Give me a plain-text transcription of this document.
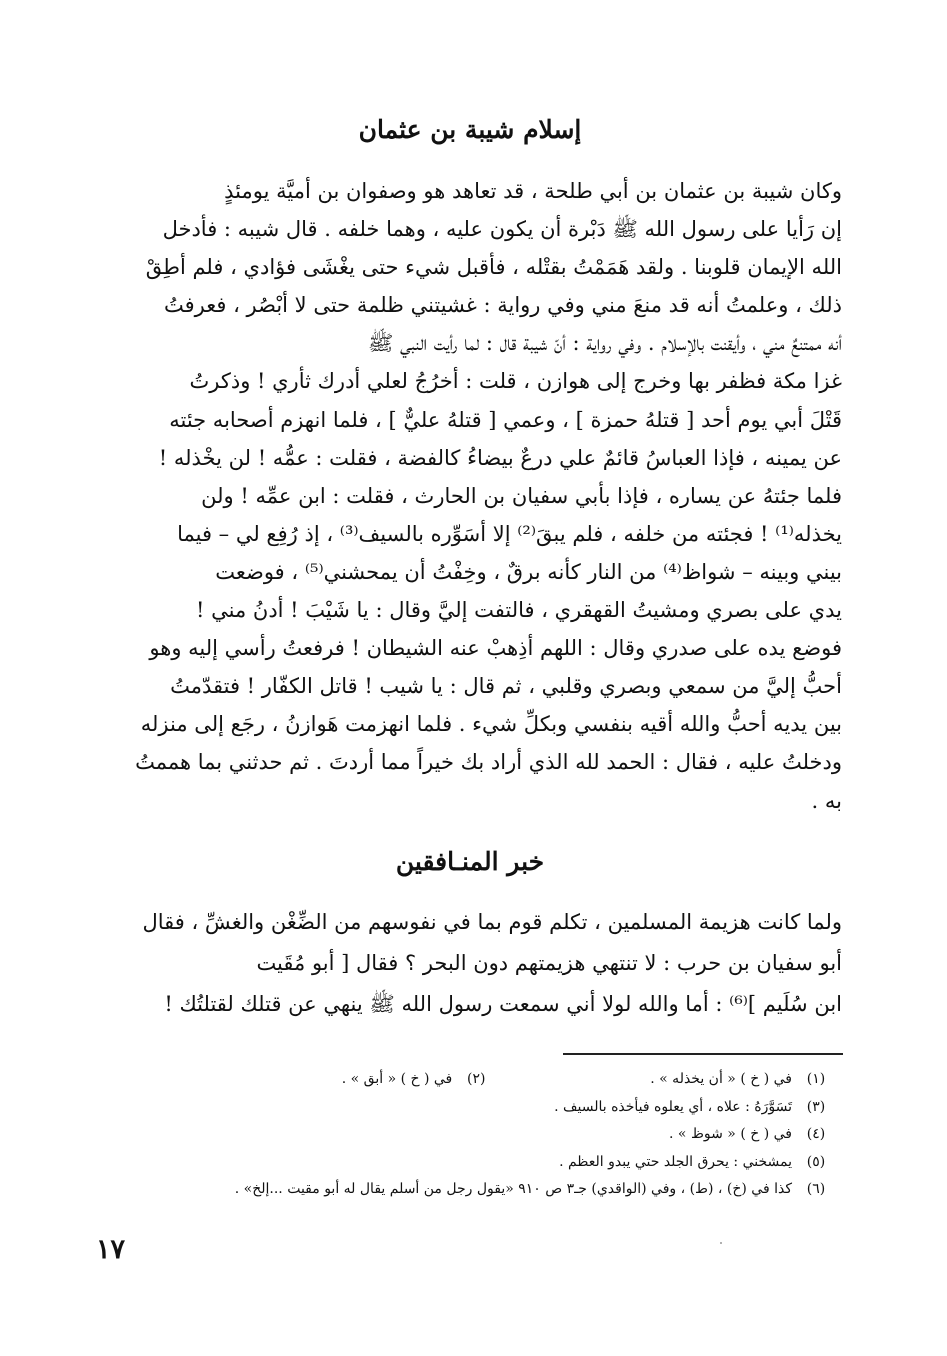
إسلام شيبة بن عثمان
وكان شيبة بن عثمان بن أبي طلحة ، قد تعاهد هو وصفوان بن أميَّة يومئذٍ
إن رَأيا على رسول الله ﷺ دَبْرة أن يكون عليه ، وهما خلفه . قال شيبه : فأدخل
الله الإيمان قلوبنا . ولقد هَمَمْتُ بقتْله ، فأقبل شيء حتى يغْشَى فؤادي ، فلم أطِقْ
ذلك ، وعلمتُ أنه قد منعَ مني وفي رواية : غشيتني ظلمة حتى لا أبْصُر ، فعرفتُ
أنه ممتنعٌ مني ، وأيقنت بالإسلام . وفي رواية : أنّ شيبة قال : لما رأيت النبي ﷺ
غزا مكة فظفر بها وخرج إلى هوازن ، قلت : أخرُجُ لعلي أدرك ثأري ! وذكرتُ
قَتْلَ أبي يوم أحد [ قتلهُ حمزة ] ، وعمي [ قتلهُ عليٌّ ] ، فلما انهزم أصحابه جئته
عن يمينه ، فإذا العباسُ قائمٌ علي درعٌ بيضاءُ كالفضة ، فقلت : عمُّه ! لن يخْذله !
فلما جئتهُ عن يساره ، فإذا بأبي سفيان بن الحارث ، فقلت : ابن عمِّه ! ولن
يخذله⁽¹⁾ ! فجئته من خلفه ، فلم يبقَ⁽²⁾ إلا أسَوِّره بالسيف⁽³⁾ ، إذ رُفِع لي – فيما
بيني وبينه – شواظ⁽⁴⁾ من النار كأنه برقٌ ، وخِفْتُ أن يمحشني⁽⁵⁾ ، فوضعت
يدي على بصري ومشيتُ القهقري ، فالتفت إليَّ وقال : يا شَيْبَ ! أدنُ مني !
فوضع يده على صدري وقال : اللهم أذِهبْ عنه الشيطان ! فرفعتُ رأسي إليه وهو
أحبُّ إليَّ من سمعي وبصري وقلبي ، ثم قال : يا شيب ! قاتل الكفّار ! فتقدّمتُ
بين يديه أحبُّ والله أقيه بنفسي وبكلِّ شيء . فلما انهزمت هَوازنُ ، رجَع إلى منزله
ودخلتُ عليه ، فقال : الحمد لله الذي أراد بك خيراً مما أردتَ . ثم حدثني بما هممتُ
به .
خبر المنـافقين
ولما كانت هزيمة المسلمين ، تكلم قوم بما في نفوسهم من الضِّغْن والغشِّ ، فقال
أبو سفيان بن حرب : لا تنتهي هزيمتهم دون البحر ؟ فقال [ أبو مُقَيت
ابن سُلَيم ]⁽⁶⁾ : أما والله لولا أني سمعت رسول الله ﷺ ينهي عن قتلك لقتلتُك !
(١)
في ( خ ) « أن يخذله » .
(٢)
في ( خ ) « أبق » .
(٣)
تَسَوَّرَهُ : علاه ، أي يعلوه فيأخذه بالسيف .
(٤)
في ( خ ) « شوظ » .
(٥)
يمشخني : يحرق الجلد حتي يبدو العظم .
(٦)
كذا في (خ) ، (ط) ، وفي (الواقدي) جـ٣ ص ٩١٠ «يقول رجل من أسلم يقال له أبو مقيت ...إلخ» .
١٧
